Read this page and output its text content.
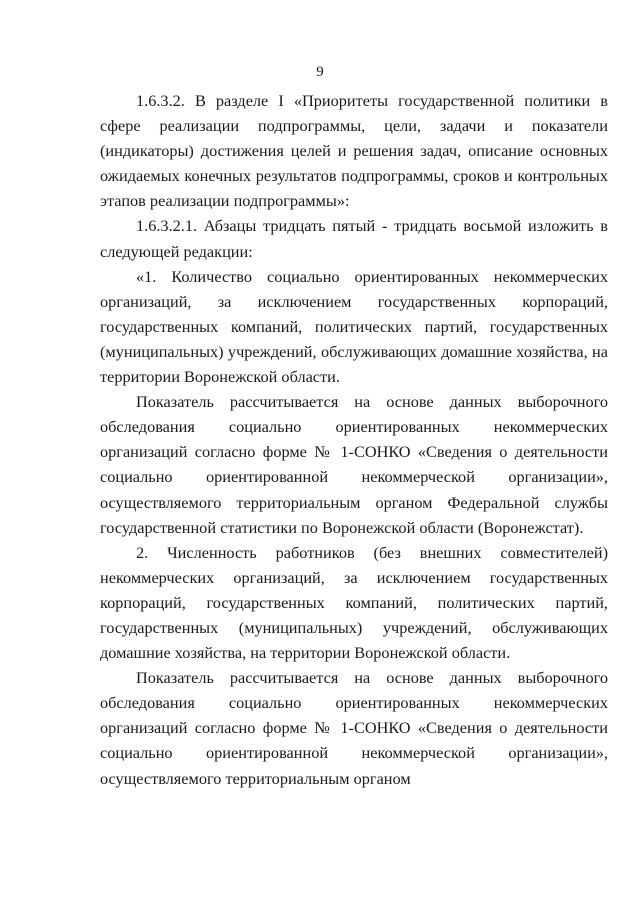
9

1.6.3.2. В разделе I «Приоритеты государственной политики в сфере реализации подпрограммы, цели, задачи и показатели (индикаторы) достижения целей и решения задач, описание основных ожидаемых конечных результатов подпрограммы, сроков и контрольных этапов реализации подпрограммы»:

1.6.3.2.1. Абзацы тридцать пятый - тридцать восьмой изложить в следующей редакции:

«1. Количество социально ориентированных некоммерческих организаций, за исключением государственных корпораций, государственных компаний, политических партий, государственных (муниципальных) учреждений, обслуживающих домашние хозяйства, на территории Воронежской области.

Показатель рассчитывается на основе данных выборочного обследования социально ориентированных некоммерческих организаций согласно форме № 1-СОНКО «Сведения о деятельности социально ориентированной некоммерческой организации», осуществляемого территориальным органом Федеральной службы государственной статистики по Воронежской области (Воронежстат).

2. Численность работников (без внешних совместителей) некоммерческих организаций, за исключением государственных корпораций, государственных компаний, политических партий, государственных (муниципальных) учреждений, обслуживающих домашние хозяйства, на территории Воронежской области.

Показатель рассчитывается на основе данных выборочного обследования социально ориентированных некоммерческих организаций согласно форме № 1-СОНКО «Сведения о деятельности социально ориентированной некоммерческой организации», осуществляемого территориальным органом
